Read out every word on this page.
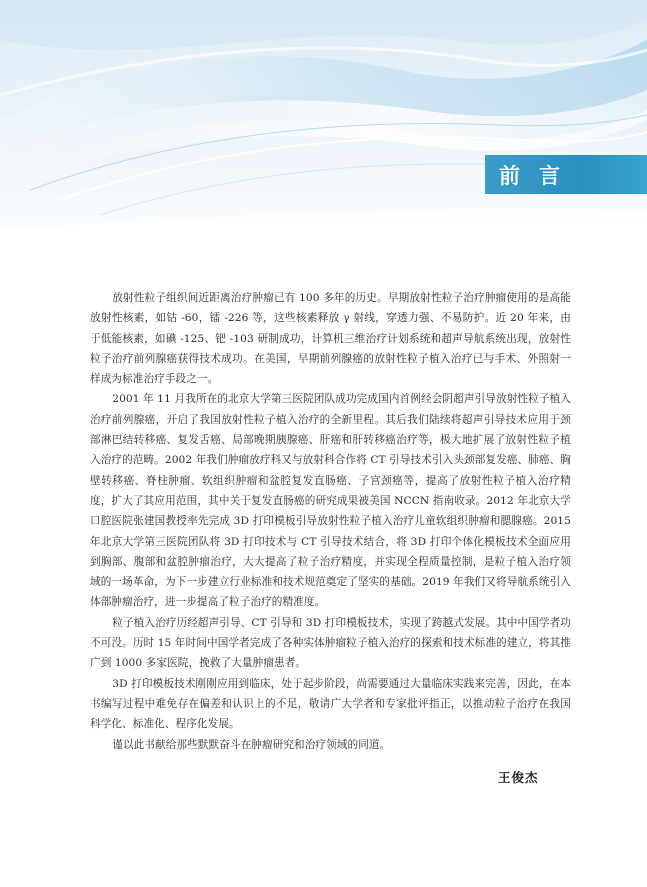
前言

放射性粒子组织间近距离治疗肿瘤已有 100 多年的历史。早期放射性粒子治疗肿瘤使用的是高能放射性核素，如钴 -60，镭 -226 等，这些核素释放 γ 射线，穿透力强、不易防护。近 20 年来，由于低能核素，如碘 -125、钯 -103 研制成功，计算机三维治疗计划系统和超声导航系统出现，放射性粒子治疗前列腺癌获得技术成功。在美国，早期前列腺癌的放射性粒子植入治疗已与手术、外照射一样成为标准治疗手段之一。

2001 年 11 月我所在的北京大学第三医院团队成功完成国内首例经会阴超声引导放射性粒子植入治疗前列腺癌，开启了我国放射性粒子植入治疗的全新里程。其后我们陆续将超声引导技术应用于颈部淋巴结转移癌、复发舌癌、局部晚期胰腺癌、肝癌和肝转移癌治疗等，极大地扩展了放射性粒子植入治疗的范畴。2002 年我们肿瘤放疗科又与放射科合作将 CT 引导技术引入头颈部复发癌、肺癌、胸壁转移癌、脊柱肿瘤、软组织肿瘤和盆腔复发直肠癌、子宫颈癌等，提高了放射性粒子植入治疗精度，扩大了其应用范围，其中关于复发直肠癌的研究成果被美国 NCCN 指南收录。2012 年北京大学口腔医院张建国教授率先完成 3D 打印模板引导放射性粒子植入治疗儿童软组织肿瘤和腮腺癌。2015 年北京大学第三医院团队将 3D 打印技术与 CT 引导技术结合，将 3D 打印个体化模板技术全面应用到胸部、腹部和盆腔肿瘤治疗，大大提高了粒子治疗精度，并实现全程质量控制，是粒子植入治疗领域的一场革命，为下一步建立行业标准和技术规范奠定了坚实的基础。2019 年我们又将导航系统引入体部肿瘤治疗，进一步提高了粒子治疗的精准度。

粒子植入治疗历经超声引导、CT 引导和 3D 打印模板技术，实现了跨越式发展。其中中国学者功不可没。历时 15 年时间中国学者完成了各种实体肿瘤粒子植入治疗的探索和技术标准的建立，将其推广到 1000 多家医院，挽救了大量肿瘤患者。

3D 打印模板技术刚刚应用到临床，处于起步阶段，尚需要通过大量临床实践来完善，因此，在本书编写过程中难免存在偏差和认识上的不足，敬请广大学者和专家批评指正，以推动粒子治疗在我国科学化、标准化、程序化发展。

谨以此书献给那些默默奋斗在肿瘤研究和治疗领域的同道。

王俊杰
